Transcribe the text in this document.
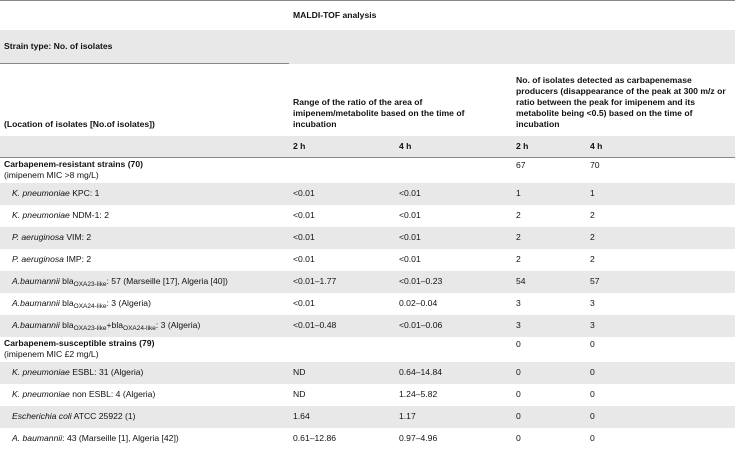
	MALDI-TOF analysis			
Strain type: No. of isolates				
(Location of isolates [No.of isolates])	Range of the ratio of the area of imipenem/metabolite based on the time of incubation		No. of isolates detected as carbapenemase producers (disappearance of the peak at 300 m/z or ratio between the peak for imipenem and its metabolite being <0.5) based on the time of incubation	
	2 h	4 h	2 h	4 h

Carbapenem-resistant strains (70)
(imipenem MIC >8 mg/L)			67	70
K. pneumoniae KPC: 1	<0.01	<0.01	1	1
K. pneumoniae NDM-1: 2	<0.01	<0.01	2	2
P. aeruginosa VIM: 2	<0.01	<0.01	2	2
P. aeruginosa IMP: 2	<0.01	<0.01	2	2
A.baumannii bla$_{OXA23-like}$: 57 (Marseille [17], Algeria [40])	<0.01–1.77	<0.01–0.23	54	57
A.baumannii bla$_{OXA24-like}$: 3 (Algeria)	<0.01	0.02–0.04	3	3
A.baumannii bla$_{OXA23-like}$+bla$_{OXA24-like}$: 3 (Algeria)	<0.01–0.48	<0.01–0.06	3	3

Carbapenem-susceptible strains (79)
(imipenem MIC £2 mg/L)			0	0
K. pneumoniae ESBL: 31 (Algeria)	ND	0.64–14.84	0	0
K. pneumoniae non ESBL: 4 (Algeria)	ND	1.24–5.82	0	0
Escherichia coli ATCC 25922 (1)	1.64	1.17	0	0
A. baumannii: 43 (Marseille [1], Algeria [42])	0.61–12.86	0.97–4.96	0	0
